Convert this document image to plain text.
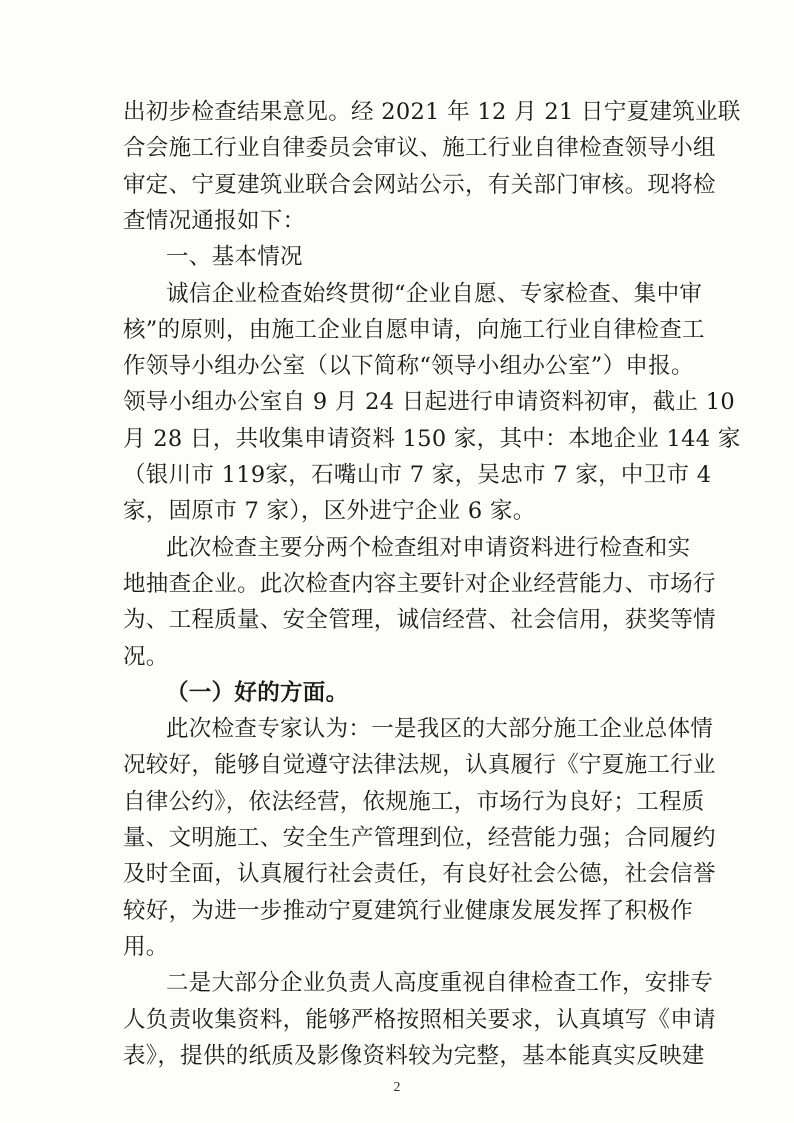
出初步检查结果意见。经 2021 年 12 月 21 日宁夏建筑业联
合会施工行业自律委员会审议、施工行业自律检查领导小组
审定、宁夏建筑业联合会网站公示，有关部门审核。现将检
查情况通报如下：
一、基本情况
诚信企业检查始终贯彻“企业自愿、专家检查、集中审
核”的原则，由施工企业自愿申请，向施工行业自律检查工
作领导小组办公室（以下简称“领导小组办公室”）申报。
领导小组办公室自 9 月 24 日起进行申请资料初审，截止 10
月 28 日，共收集申请资料 150 家，其中：本地企业 144 家
（银川市 119家，石嘴山市 7 家，吴忠市 7 家，中卫市 4
家，固原市 7 家），区外进宁企业 6 家。
此次检查主要分两个检查组对申请资料进行检查和实
地抽查企业。此次检查内容主要针对企业经营能力、市场行
为、工程质量、安全管理，诚信经营、社会信用，获奖等情
况。
（一）好的方面。
此次检查专家认为：一是我区的大部分施工企业总体情
况较好，能够自觉遵守法律法规，认真履行《宁夏施工行业
自律公约》，依法经营，依规施工，市场行为良好；工程质
量、文明施工、安全生产管理到位，经营能力强；合同履约
及时全面，认真履行社会责任，有良好社会公德，社会信誉
较好，为进一步推动宁夏建筑行业健康发展发挥了积极作
用。
二是大部分企业负责人高度重视自律检查工作，安排专
人负责收集资料，能够严格按照相关要求，认真填写《申请
表》，提供的纸质及影像资料较为完整，基本能真实反映建
2
